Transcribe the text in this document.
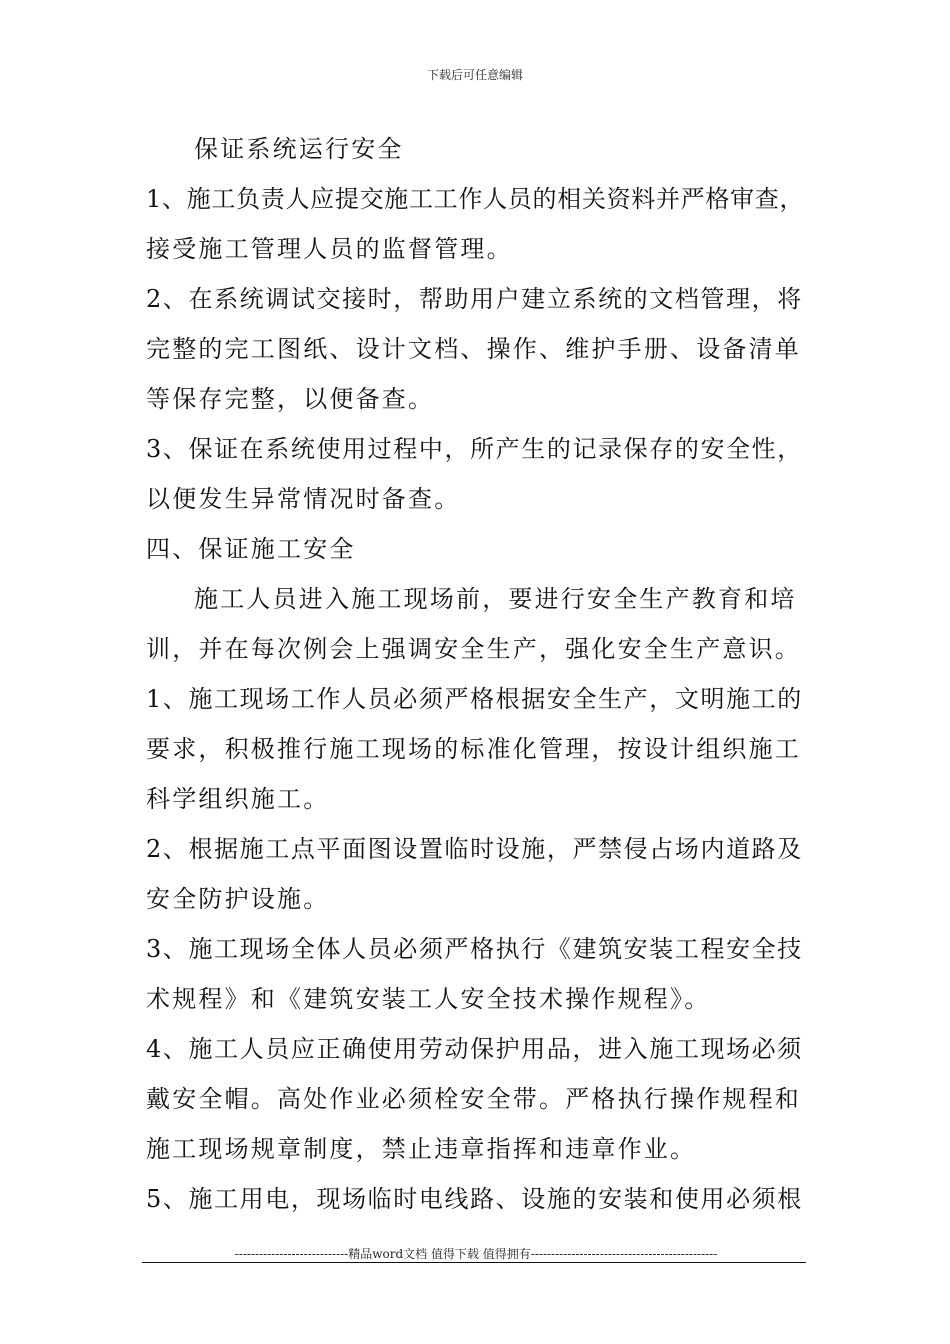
下载后可任意编辑
保证系统运行安全
1、施工负责人应提交施工工作人员的相关资料并严格审查，
接受施工管理人员的监督管理。
2、在系统调试交接时，帮助用户建立系统的文档管理，将
完整的完工图纸、设计文档、操作、维护手册、设备清单
等保存完整，以便备查。
3、保证在系统使用过程中，所产生的记录保存的安全性，
以便发生异常情况时备查。
四、保证施工安全
施工人员进入施工现场前，要进行安全生产教育和培
训，并在每次例会上强调安全生产，强化安全生产意识。
1、施工现场工作人员必须严格根据安全生产，文明施工的
要求，积极推行施工现场的标准化管理，按设计组织施工
科学组织施工。
2、根据施工点平面图设置临时设施，严禁侵占场内道路及
安全防护设施。
3、施工现场全体人员必须严格执行《建筑安装工程安全技
术规程》和《建筑安装工人安全技术操作规程》。
4、施工人员应正确使用劳动保护用品，进入施工现场必须
戴安全帽。高处作业必须栓安全带。严格执行操作规程和
施工现场规章制度，禁止违章指挥和违章作业。
5、施工用电，现场临时电线路、设施的安装和使用必须根
----------------------------精品word文档 值得下载 值得拥有----------------------------------------------
